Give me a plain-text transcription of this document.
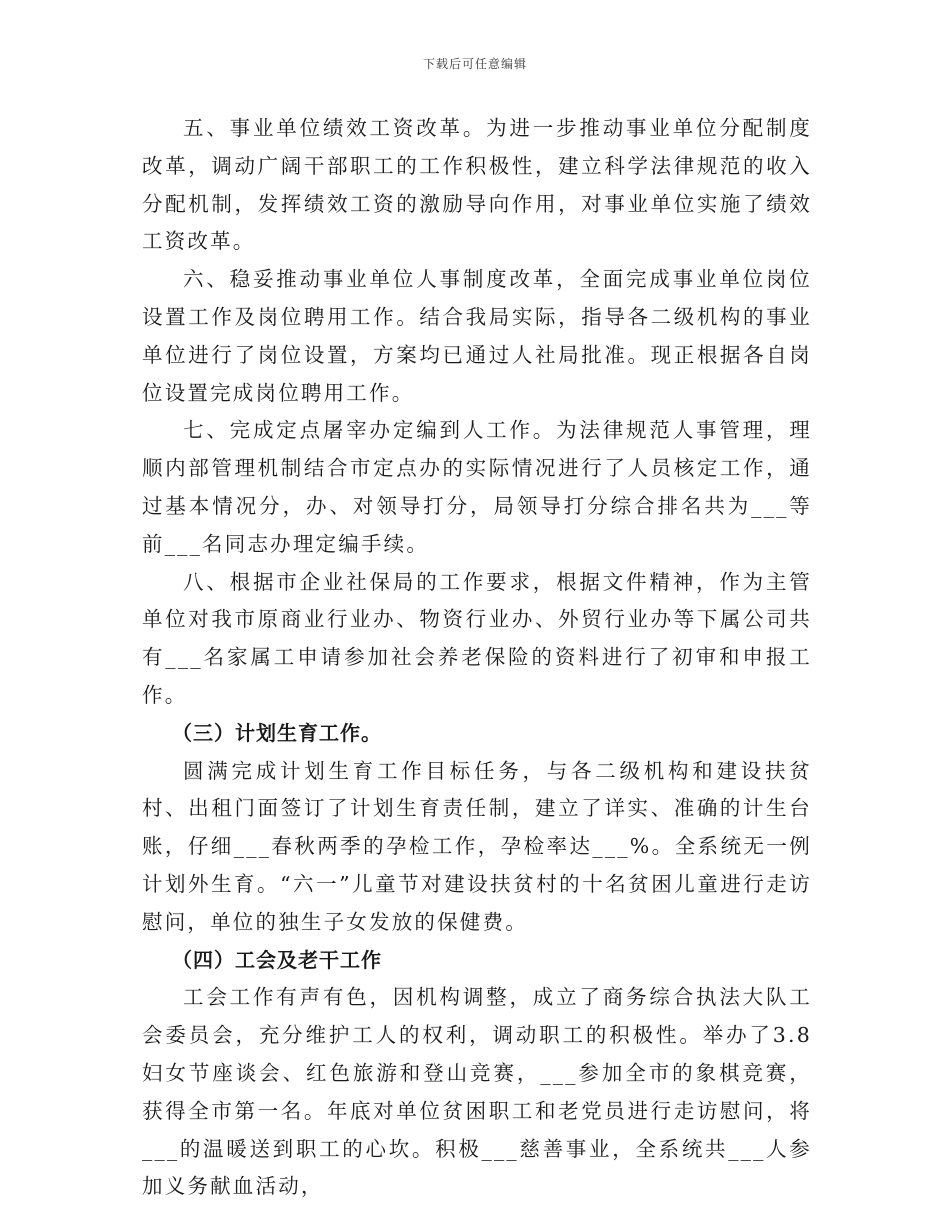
下载后可任意编辑

五、事业单位绩效工资改革。为进一步推动事业单位分配制度改革，调动广阔干部职工的工作积极性，建立科学法律规范的收入分配机制，发挥绩效工资的激励导向作用，对事业单位实施了绩效工资改革。

六、稳妥推动事业单位人事制度改革，全面完成事业单位岗位设置工作及岗位聘用工作。结合我局实际，指导各二级机构的事业单位进行了岗位设置，方案均已通过人社局批准。现正根据各自岗位设置完成岗位聘用工作。

七、完成定点屠宰办定编到人工作。为法律规范人事管理，理顺内部管理机制结合市定点办的实际情况进行了人员核定工作，通过基本情况分，办、对领导打分，局领导打分综合排名共为___等前___名同志办理定编手续。

八、根据市企业社保局的工作要求，根据文件精神，作为主管单位对我市原商业行业办、物资行业办、外贸行业办等下属公司共有___名家属工申请参加社会养老保险的资料进行了初审和申报工作。

（三）计划生育工作。

圆满完成计划生育工作目标任务，与各二级机构和建设扶贫村、出租门面签订了计划生育责任制，建立了详实、准确的计生台账，仔细___春秋两季的孕检工作，孕检率达___%。全系统无一例计划外生育。“六一”儿童节对建设扶贫村的十名贫困儿童进行走访慰问，单位的独生子女发放的保健费。

（四）工会及老干工作

工会工作有声有色，因机构调整，成立了商务综合执法大队工会委员会，充分维护工人的权利，调动职工的积极性。举办了3.8妇女节座谈会、红色旅游和登山竞赛，___参加全市的象棋竞赛，获得全市第一名。年底对单位贫困职工和老党员进行走访慰问，将___的温暖送到职工的心坎。积极___慈善事业，全系统共___人参加义务献血活动，
